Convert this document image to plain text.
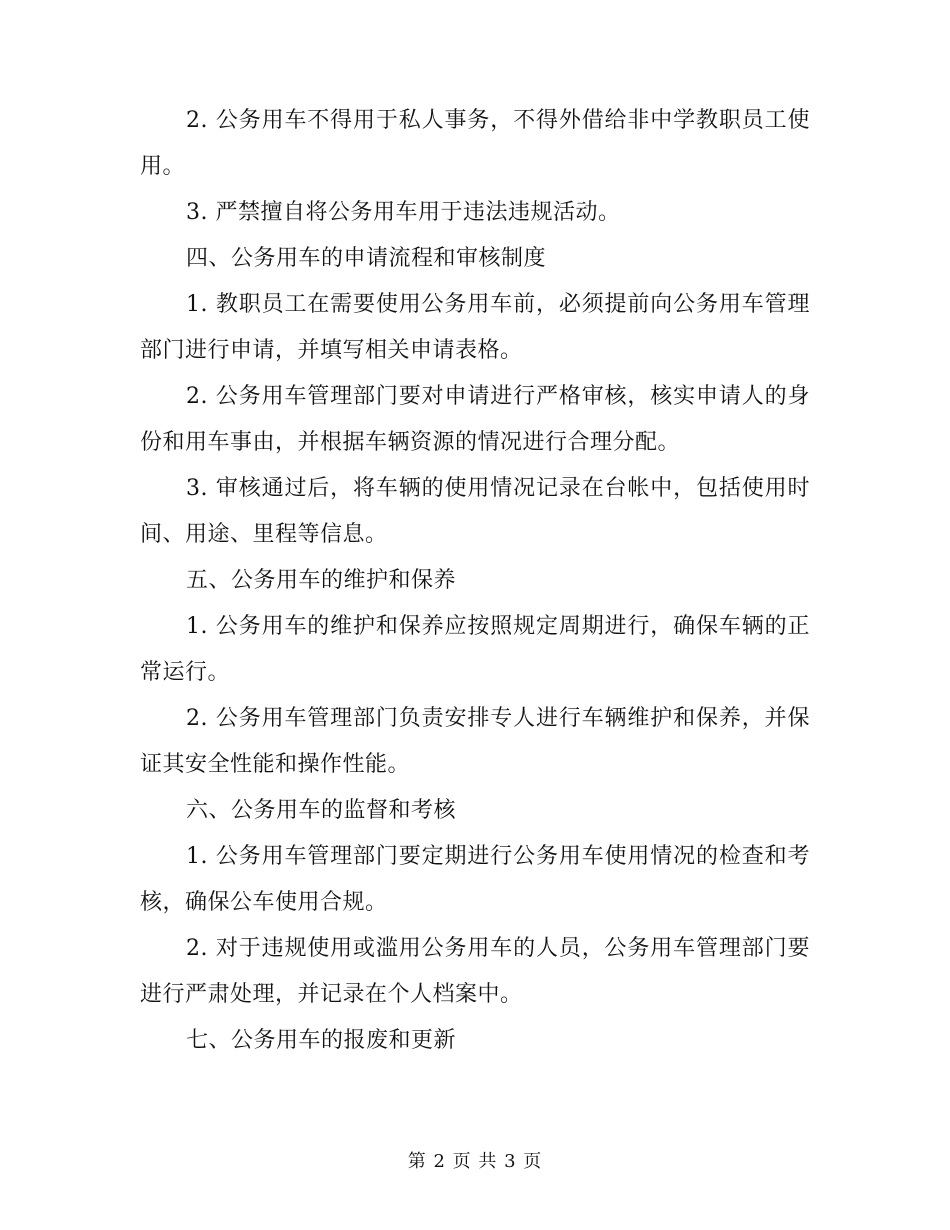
2. 公务用车不得用于私人事务，不得外借给非中学教职员工使用。

3. 严禁擅自将公务用车用于违法违规活动。

四、公务用车的申请流程和审核制度

1. 教职员工在需要使用公务用车前，必须提前向公务用车管理部门进行申请，并填写相关申请表格。

2. 公务用车管理部门要对申请进行严格审核，核实申请人的身份和用车事由，并根据车辆资源的情况进行合理分配。

3. 审核通过后，将车辆的使用情况记录在台帐中，包括使用时间、用途、里程等信息。

五、公务用车的维护和保养

1. 公务用车的维护和保养应按照规定周期进行，确保车辆的正常运行。

2. 公务用车管理部门负责安排专人进行车辆维护和保养，并保证其安全性能和操作性能。

六、公务用车的监督和考核

1. 公务用车管理部门要定期进行公务用车使用情况的检查和考核，确保公车使用合规。

2. 对于违规使用或滥用公务用车的人员，公务用车管理部门要进行严肃处理，并记录在个人档案中。

七、公务用车的报废和更新

第 2 页 共 3 页
